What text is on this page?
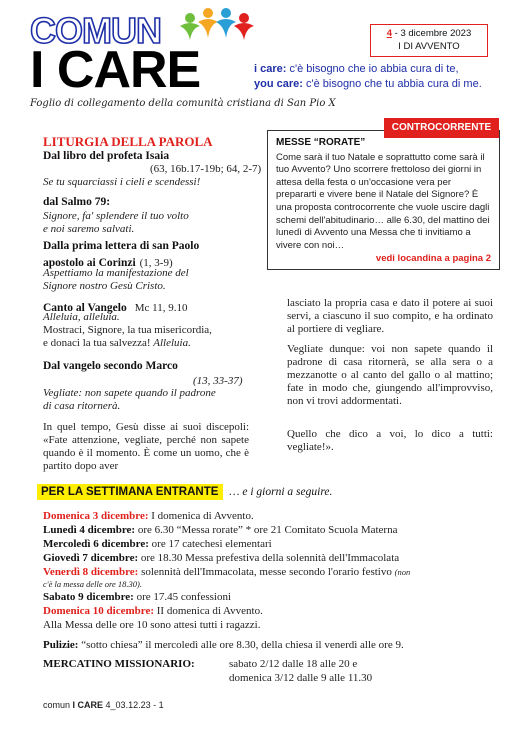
COMUN
I CARE
4 - 3 dicembre 2023
I DI AVVENTO
i care: c'è bisogno che io abbia cura di te,
you care: c'è bisogno che tu abbia cura di me.
Foglio di collegamento della comunità cristiana di San Pio X
LITURGIA DELLA PAROLA
Dal libro del profeta Isaia
(63, 16b.17-19b; 64, 2-7)
Se tu squarciassi i cieli e scendessi!
dal Salmo 79:
Signore, fa' splendere il tuo volto
e noi saremo salvati.
Dalla prima lettera di san Paolo
apostolo ai Corinzi (1, 3-9)
Aspettiamo la manifestazione del
Signore nostro Gesù Cristo.
Canto al Vangelo Mc 11, 9.10
Alleluia, alleluia.
Mostraci, Signore, la tua misericordia,
e donaci la tua salvezza! Alleluia.
Dal vangelo secondo Marco
(13, 33-37)
Vegliate: non sapete quando il padrone
di casa ritornerà.
In quel tempo, Gesù disse ai suoi discepoli: «Fate attenzione, vegliate, perché non sapete quando è il momento. È come un uomo, che è partito dopo aver
MESSE “RORATE”
Come sarà il tuo Natale e soprattutto come sarà il tuo Avvento? Uno scorrere frettoloso dei giorni in attesa della festa o un'occasione vera per prepararti e vivere bene il Natale del Signore? È una proposta controcorrente che vuole uscire dagli schemi dell'abitudinario… alle 6.30, del mattino dei lunedì di Avvento una Messa che ti invitiamo a vivere con noi…
vedi locandina a pagina 2
CONTROCORRENTE
lasciato la propria casa e dato il potere ai suoi servi, a ciascuno il suo compito, e ha ordinato al portiere di vegliare.
Vegliate dunque: voi non sapete quando il padrone di casa ritornerà, se alla sera o a mezzanotte o al canto del gallo o al mattino; fate in modo che, giungendo all'improvviso, non vi trovi addormentati.
Quello che dico a voi, lo dico a tutti: vegliate!».
PER LA SETTIMANA ENTRANTE … e i giorni a seguire.
Domenica 3 dicembre: I domenica di Avvento.
Lunedì 4 dicembre: ore 6.30 “Messa rorate” * ore 21 Comitato Scuola Materna
Mercoledì 6 dicembre: ore 17 catechesi elementari
Giovedì 7 dicembre: ore 18.30 Messa prefestiva della solennità dell'Immacolata
Venerdì 8 dicembre: solennità dell'Immacolata, messe secondo l'orario festivo (non
c'è la messa delle ore 18.30).
Sabato 9 dicembre: ore 17.45 confessioni
Domenica 10 dicembre: II domenica di Avvento.
Alla Messa delle ore 10 sono attesi tutti i ragazzi.
Pulizie: “sotto chiesa” il mercoledì alle ore 8.30, della chiesa il venerdì alle ore 9.
MERCATINO MISSIONARIO:	sabato 2/12 dalle 18 alle 20 e
domenica 3/12 dalle 9 alle 11.30
comun I CARE 4_03.12.23 - 1
